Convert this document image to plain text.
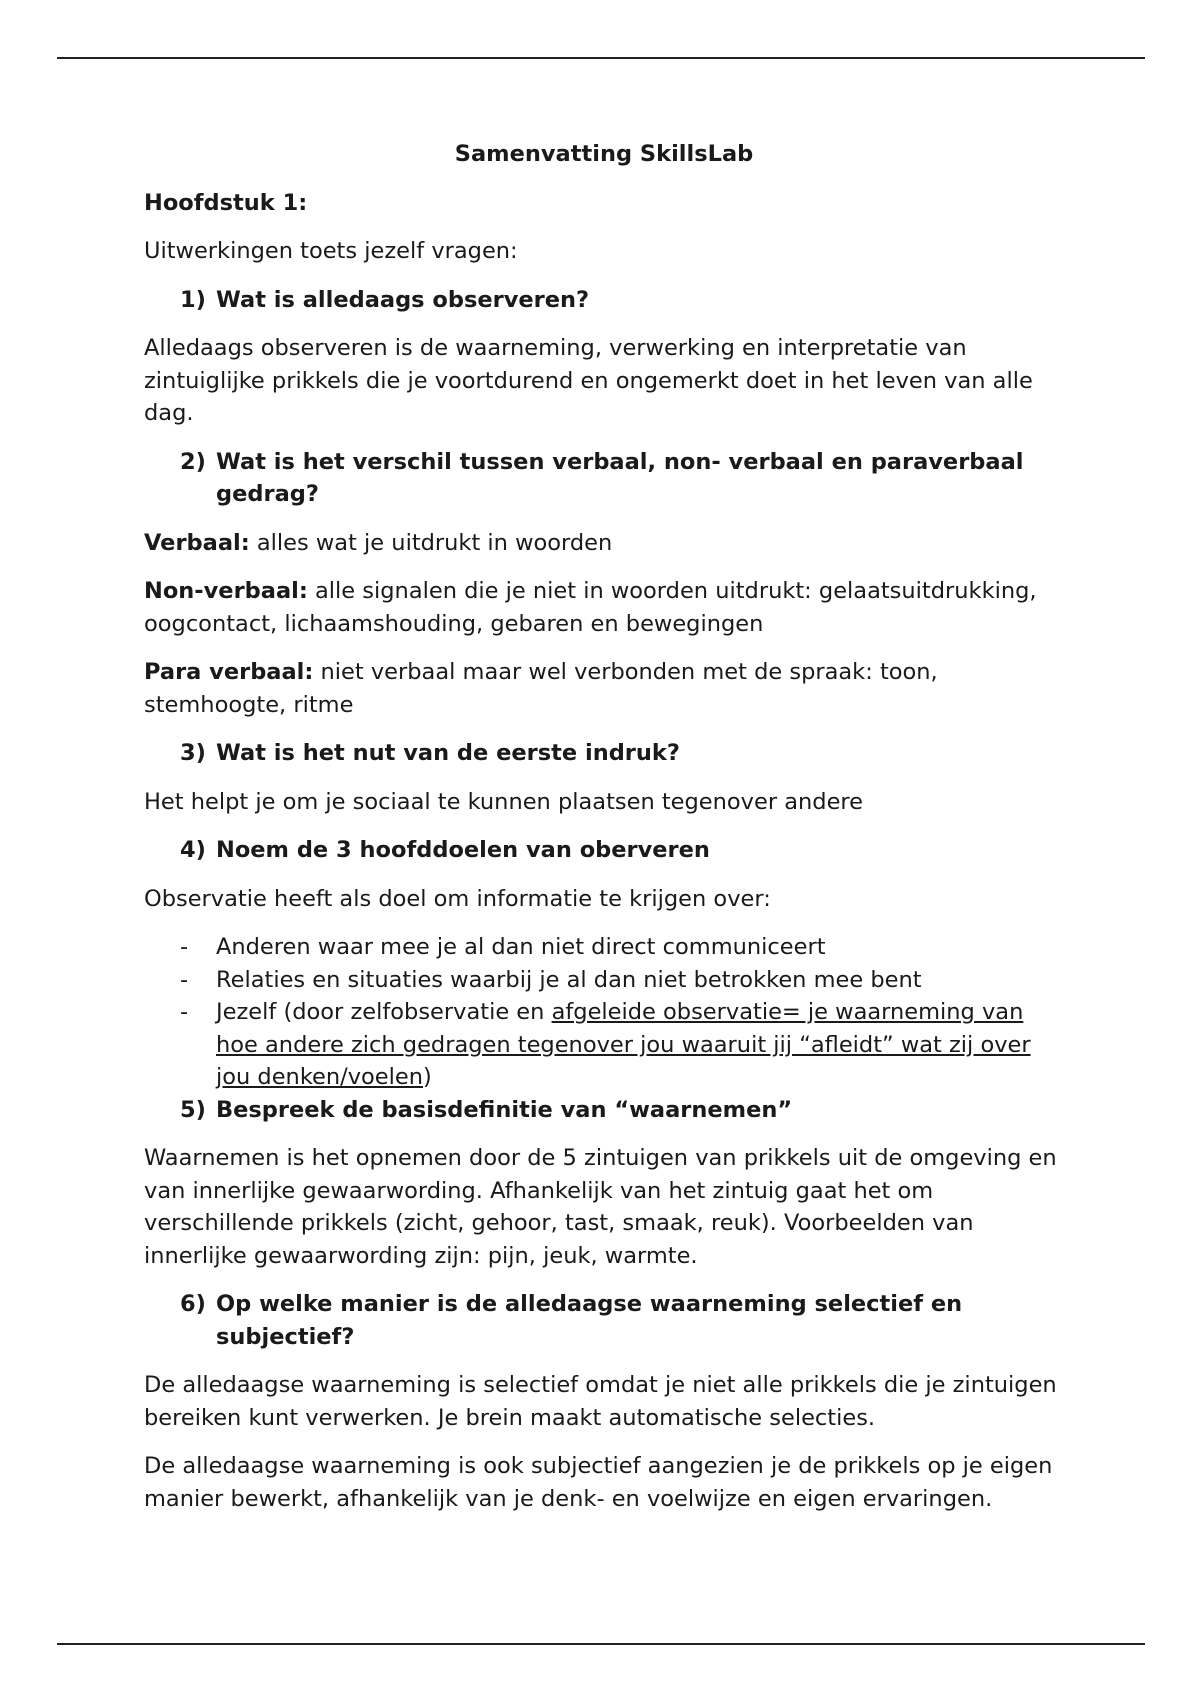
Samenvatting SkillsLab
Hoofdstuk 1:

Uitwerkingen toets jezelf vragen:

1) Wat is alledaags observeren?

Alledaags observeren is de waarneming, verwerking en interpretatie van zintuiglijke prikkels die je voortdurend en ongemerkt doet in het leven van alle dag.

2) Wat is het verschil tussen verbaal, non- verbaal en paraverbaal gedrag?

Verbaal: alles wat je uitdrukt in woorden

Non-verbaal: alle signalen die je niet in woorden uitdrukt: gelaatsuitdrukking, oogcontact, lichaamshouding, gebaren en bewegingen

Para verbaal: niet verbaal maar wel verbonden met de spraak: toon, stemhoogte, ritme

3) Wat is het nut van de eerste indruk?

Het helpt je om je sociaal te kunnen plaatsen tegenover andere

4) Noem de 3 hoofddoelen van oberveren

Observatie heeft als doel om informatie te krijgen over:

-	Anderen waar mee je al dan niet direct communiceert
-	Relaties en situaties waarbij je al dan niet betrokken mee bent
-	Jezelf (door zelfobservatie en afgeleide observatie= je waarneming van hoe andere zich gedragen tegenover jou waaruit jij “afleidt” wat zij over jou denken/voelen)
5) Bespreek de basisdefinitie van “waarnemen”

Waarnemen is het opnemen door de 5 zintuigen van prikkels uit de omgeving en van innerlijke gewaarwording. Afhankelijk van het zintuig gaat het om verschillende prikkels (zicht, gehoor, tast, smaak, reuk). Voorbeelden van innerlijke gewaarwording zijn: pijn, jeuk, warmte.

6) Op welke manier is de alledaagse waarneming selectief en subjectief?

De alledaagse waarneming is selectief omdat je niet alle prikkels die je zintuigen bereiken kunt verwerken. Je brein maakt automatische selecties.

De alledaagse waarneming is ook subjectief aangezien je de prikkels op je eigen manier bewerkt, afhankelijk van je denk- en voelwijze en eigen ervaringen.
